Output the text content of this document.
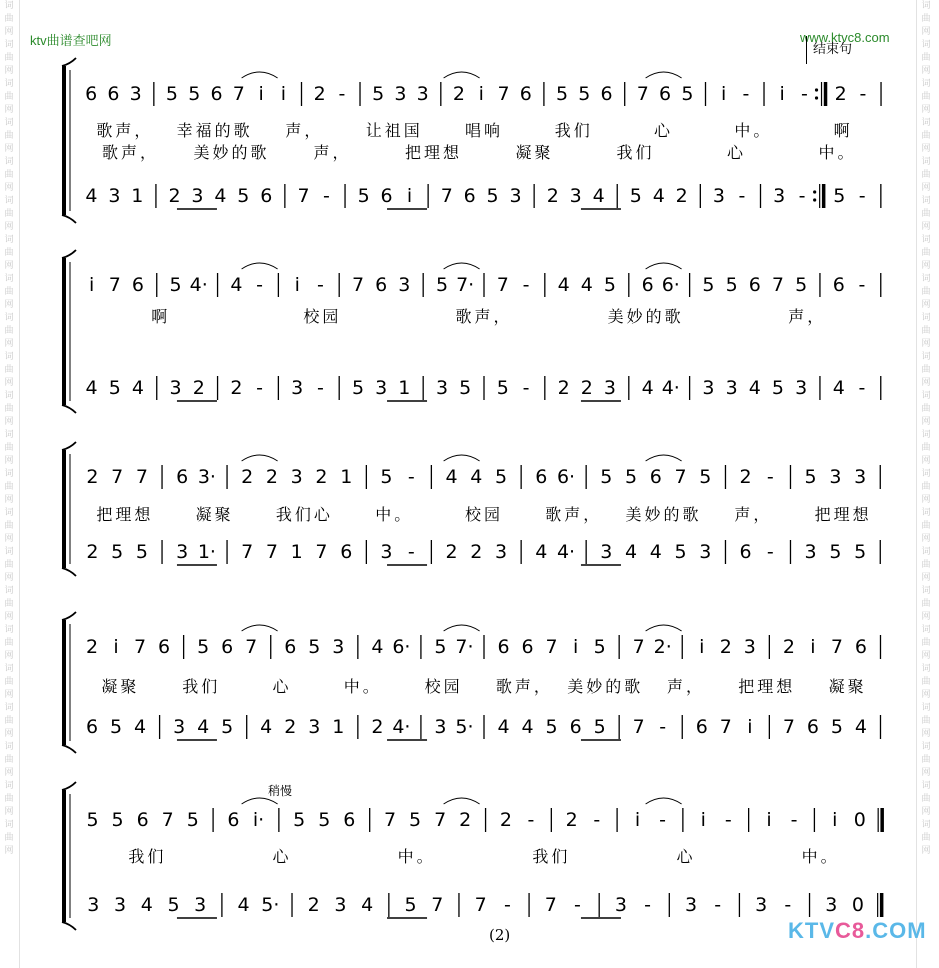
词
曲
网
词
曲
网
词
曲
网
词
曲
网
词
曲
网
词
曲
网
词
曲
网
词
曲
网
词
曲
网
词
曲
网
词
曲
网
词
曲
网
词
曲
网
词
曲
网
词
曲
网
词
曲
网
词
曲
网
词
曲
网
词
曲
网
词
曲
网
词
曲
网
词
曲
网

词
曲
网
词
曲
网
词
曲
网
词
曲
网
词
曲
网
词
曲
网
词
曲
网
词
曲
网
词
曲
网
词
曲
网
词
曲
网
词
曲
网
词
曲
网
词
曲
网
词
曲
网
词
曲
网
词
曲
网
词
曲
网
词
曲
网
词
曲
网
词
曲
网
词
曲
网

ktv曲谱查吧网	www.ktvc8.com
结束句
稍慢
(2)	KTVC8.COM
6 6 3 5 5 6 7 i i 2 - 5 3 3 2 i 7 6 5 5 6 7 6 5 i - i - 2 -
歌声， 幸福的歌 声，	让祖国	唱响	我们	心	中。	啊
歌声， 美妙的歌	声，	把理想	凝聚	我们	心	中。
4 3 1 2 3 4 5 6 7 - 5 6 i 7 6 5 3 2 3 4 5 4 2 3 - 3 - 5 -
i 7 6 5 4· 4 - i - 7 6 3 5 7· 7 - 4 4 5 6 6· 5 5 6 7 5 6 -
啊	校园	歌声，	美妙的歌	声，
4 5 4 3 2 2 - 3 - 5 3 1 3 5 5 - 2 2 3 4 4· 3 3 4 5 3 4 -
2 7 7 6 3· 2 2 3 2 1 5 - 4 4 5 6 6· 5 5 6 7 5 2 - 5 3 3
把理想	凝聚	我们心	中。	校园	歌声， 美妙的歌 声，	把理想
2 5 5 3 1· 7 7 1 7 6 3 - 2 2 3 4 4· 3 4 4 5 3 6 - 3 5 5
2 i 7 6 5 6 7 6 5 3 4 6· 5 7· 6 6 7 i 5 7 2· i 2 3 2 i 7 6
凝聚	我们	心	中。	校园 歌声， 美妙的歌 声， 把理想 凝聚
6 5 4 3 4 5 4 2 3 1 2 4· 3 5· 4 4 5 6 5 7 - 6 7 i 7 6 5 4
5 5 6 7 5 6 i· 5 5 6 7 5 7 2 2 - 2 - i - i - i - i 0
我们	心	中。	我们	心	中。
3 3 4 5 3 4 5· 2 3 4 5 7 7 - 7 - 3 - 3 - 3 - 3 0
